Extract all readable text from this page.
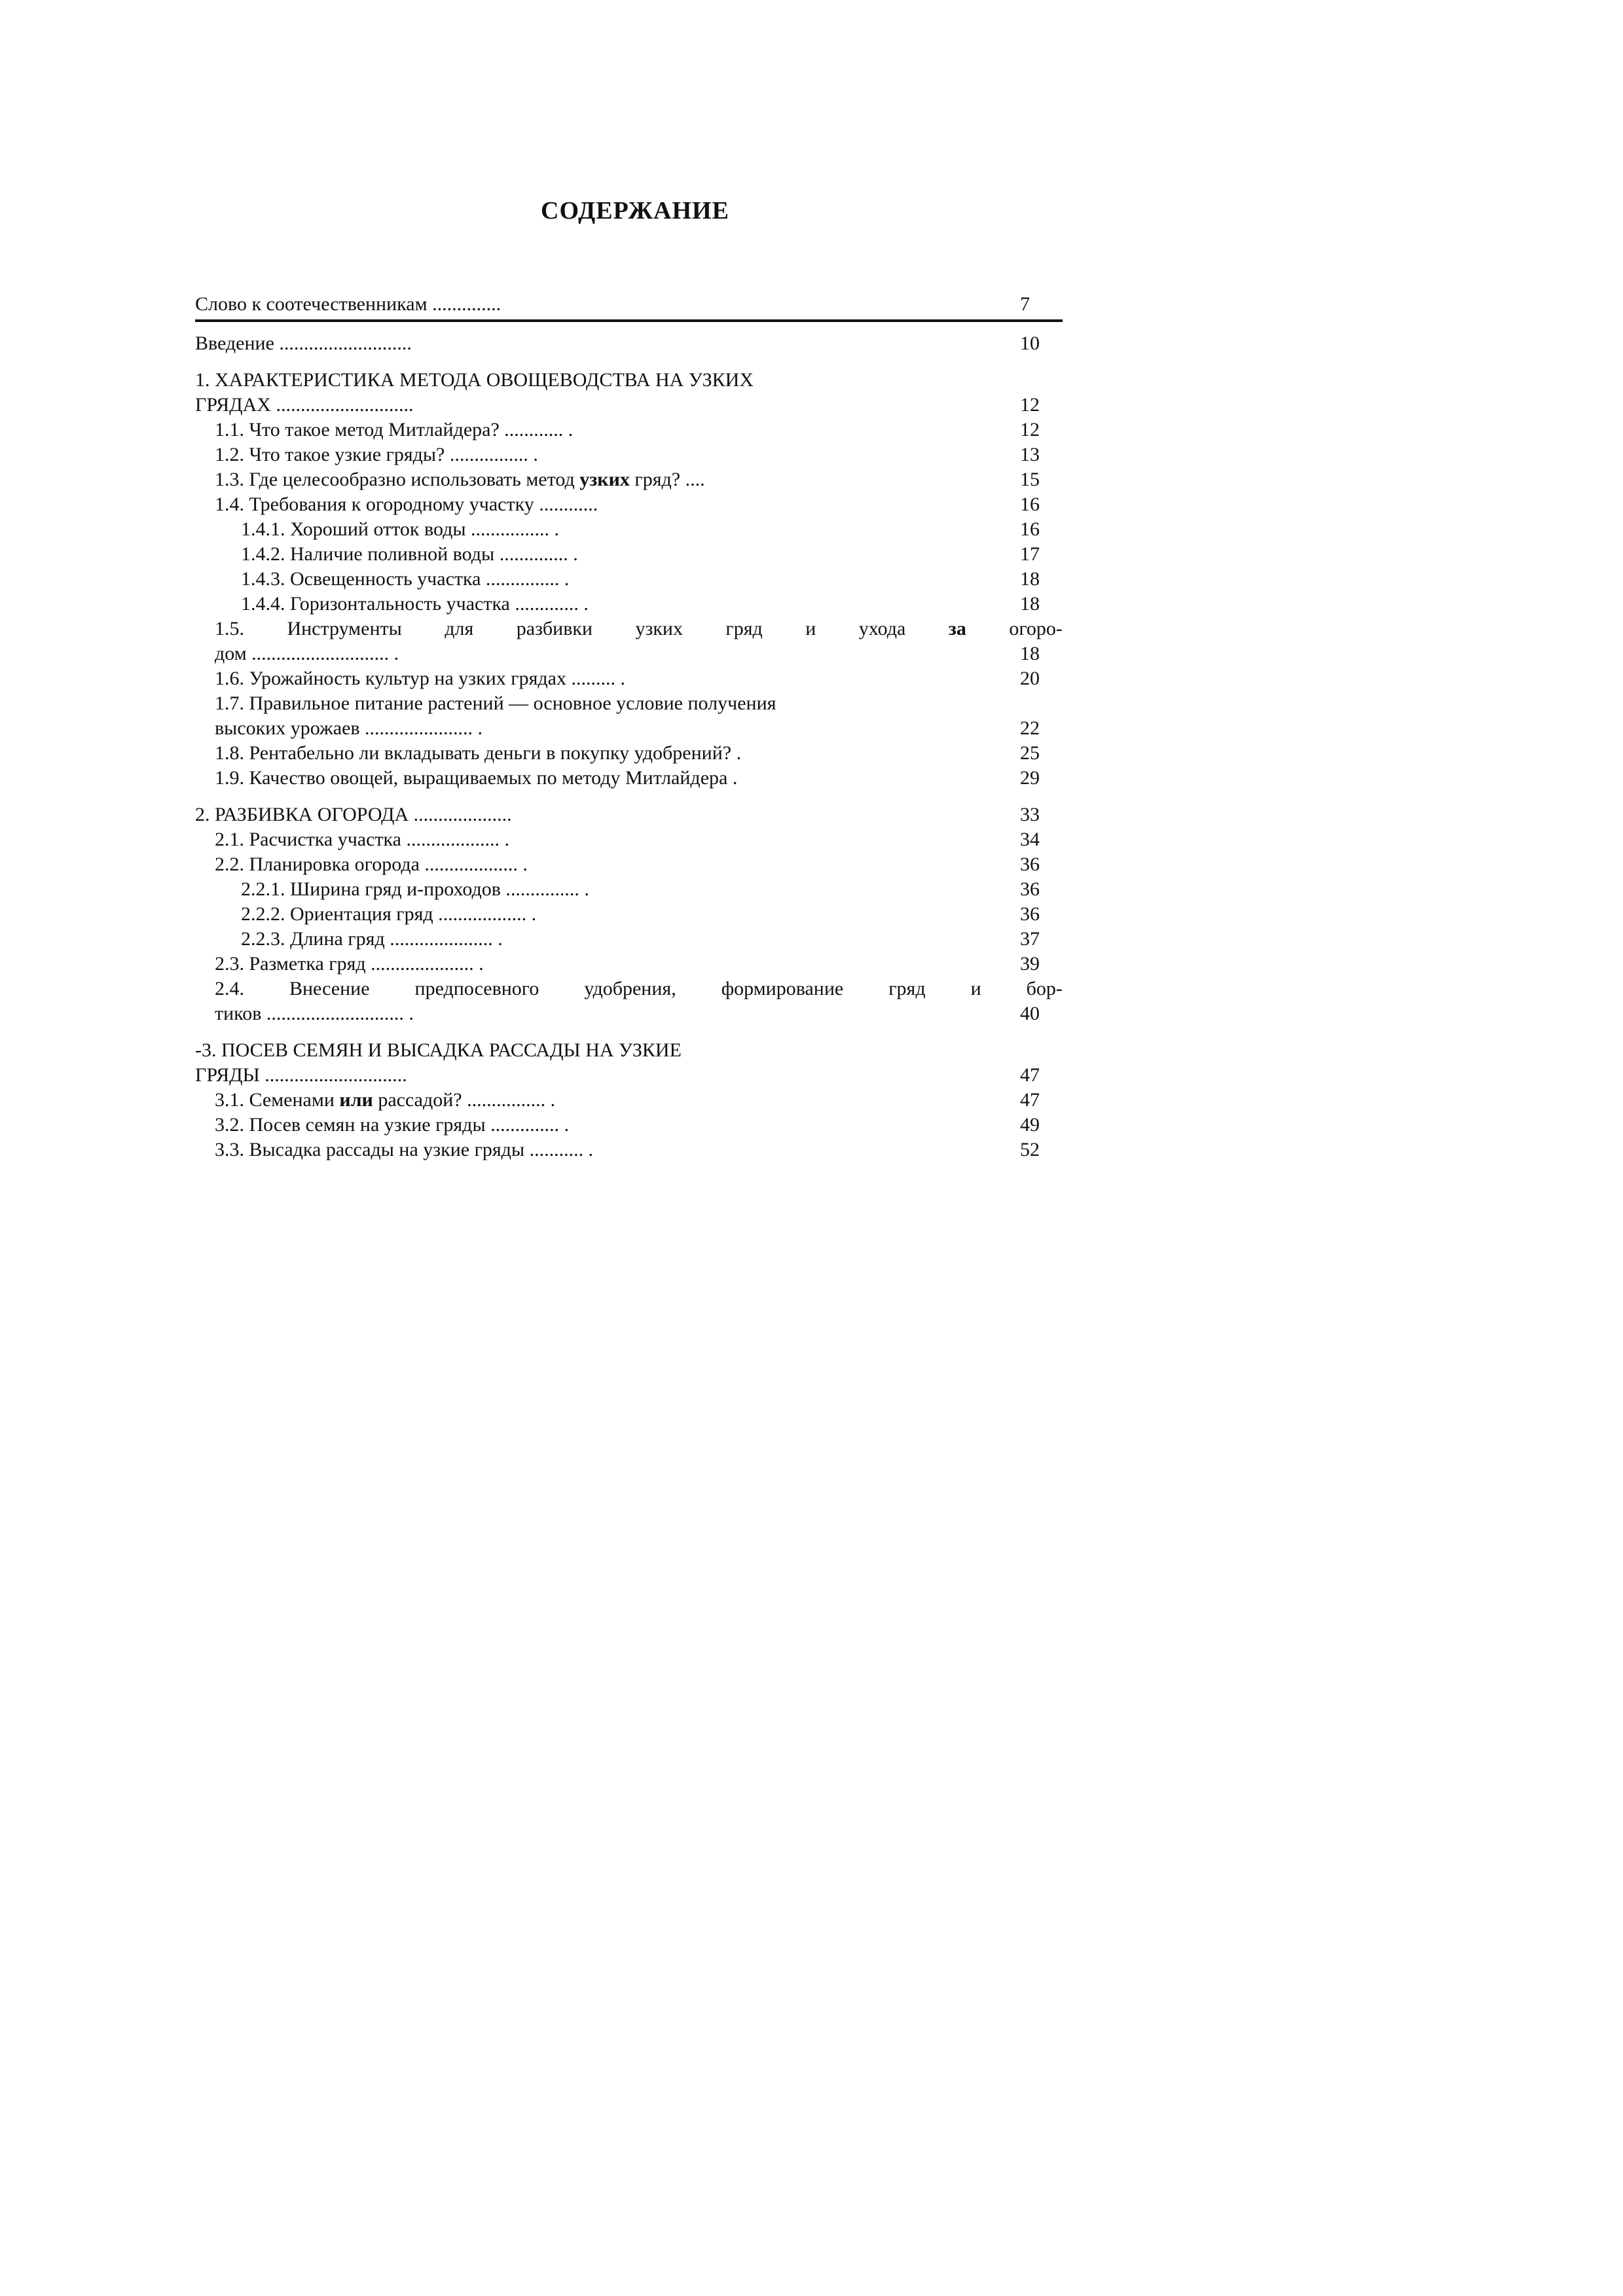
СОДЕРЖАНИЕ
Слово к соотечественникам ..............	7
Введение ...........................	10
1. ХАРАКТЕРИСТИКА МЕТОДА ОВОЩЕВОДСТВА НА УЗКИХ
ГРЯДАХ ............................	12
1.1. Что такое метод Митлайдера? ............ .	12
1.2. Что такое узкие гряды? ................ .	13
1.3. Где целесообразно использовать метод узких гряд? ....	15
1.4. Требования к огородному участку ............	16
1.4.1. Хороший отток воды ................ .	16
1.4.2. Наличие поливной воды .............. .	17
1.4.3. Освещенность участка ............... .	18
1.4.4. Горизонтальность участка ............. .	18
1.5. Инструменты для разбивки узких гряд и ухода за огоро-
дом ............................ .	18
1.6. Урожайность культур на узких грядах ......... .	20
1.7. Правильное питание растений — основное условие получения
высоких урожаев ...................... .	22
1.8. Рентабельно ли вкладывать деньги в покупку удобрений? .	25
1.9. Качество овощей, выращиваемых по методу Митлайдера .	29
2. РАЗБИВКА ОГОРОДА ....................	33
2.1. Расчистка участка ................... .	34
2.2. Планировка огорода ................... .	36
2.2.1. Ширина гряд и-проходов ............... .	36
2.2.2. Ориентация гряд .................. .	36
2.2.3. Длина гряд ..................... .	37
2.3. Разметка гряд ..................... .	39
2.4. Внесение предпосевного удобрения, формирование гряд и бор-
тиков ............................ .	40
-3. ПОСЕВ СЕМЯН И ВЫСАДКА РАССАДЫ НА УЗКИЕ
ГРЯДЫ .............................	47
3.1. Семенами или рассадой? ................ .	47
3.2. Посев семян на узкие гряды .............. .	49
3.3. Высадка рассады на узкие гряды ........... .	52
